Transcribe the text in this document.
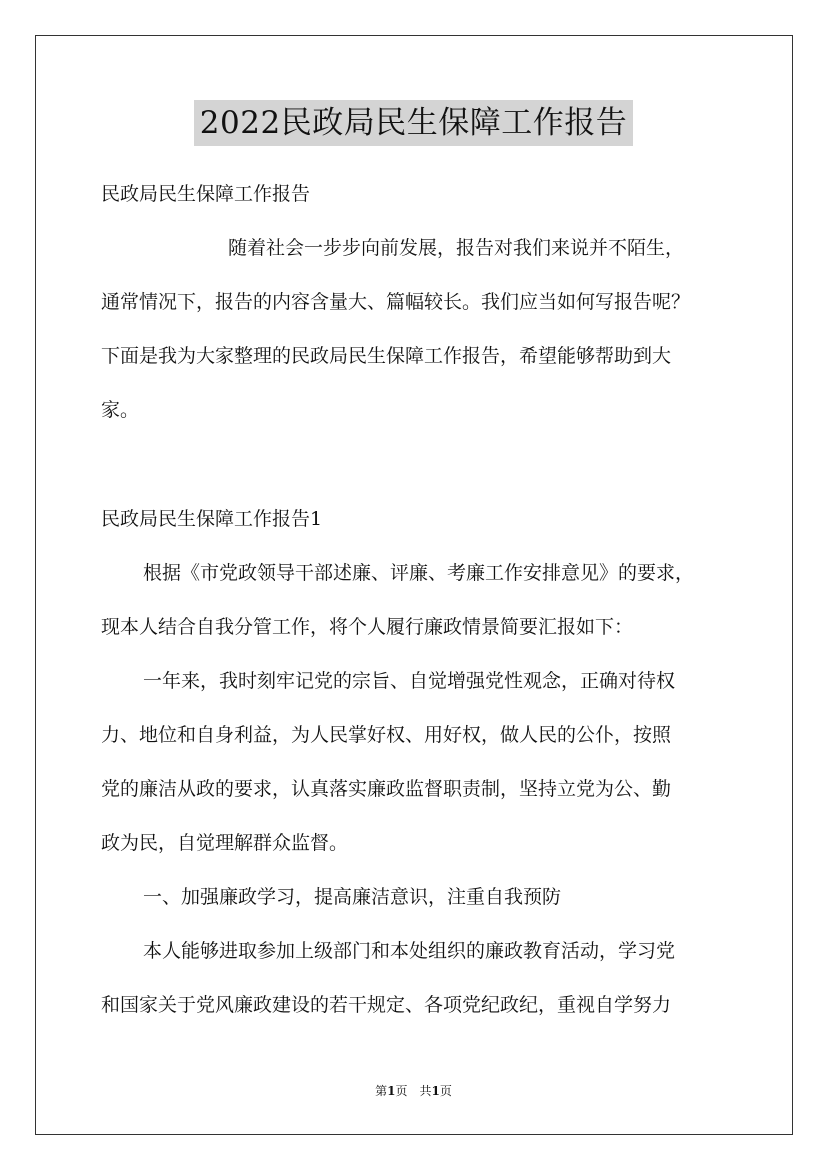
2022民政局民生保障工作报告
民政局民生保障工作报告
随着社会一步步向前发展，报告对我们来说并不陌生，
通常情况下，报告的内容含量大、篇幅较长。我们应当如何写报告呢？
下面是我为大家整理的民政局民生保障工作报告，希望能够帮助到大
家。
民政局民生保障工作报告1
根据《市党政领导干部述廉、评廉、考廉工作安排意见》的要求，
现本人结合自我分管工作，将个人履行廉政情景简要汇报如下：
一年来，我时刻牢记党的宗旨、自觉增强党性观念，正确对待权
力、地位和自身利益，为人民掌好权、用好权，做人民的公仆，按照
党的廉洁从政的要求，认真落实廉政监督职责制，坚持立党为公、勤
政为民，自觉理解群众监督。
一、加强廉政学习，提高廉洁意识，注重自我预防
本人能够进取参加上级部门和本处组织的廉政教育活动，学习党
和国家关于党风廉政建设的若干规定、各项党纪政纪，重视自学努力
第1页　共1页
